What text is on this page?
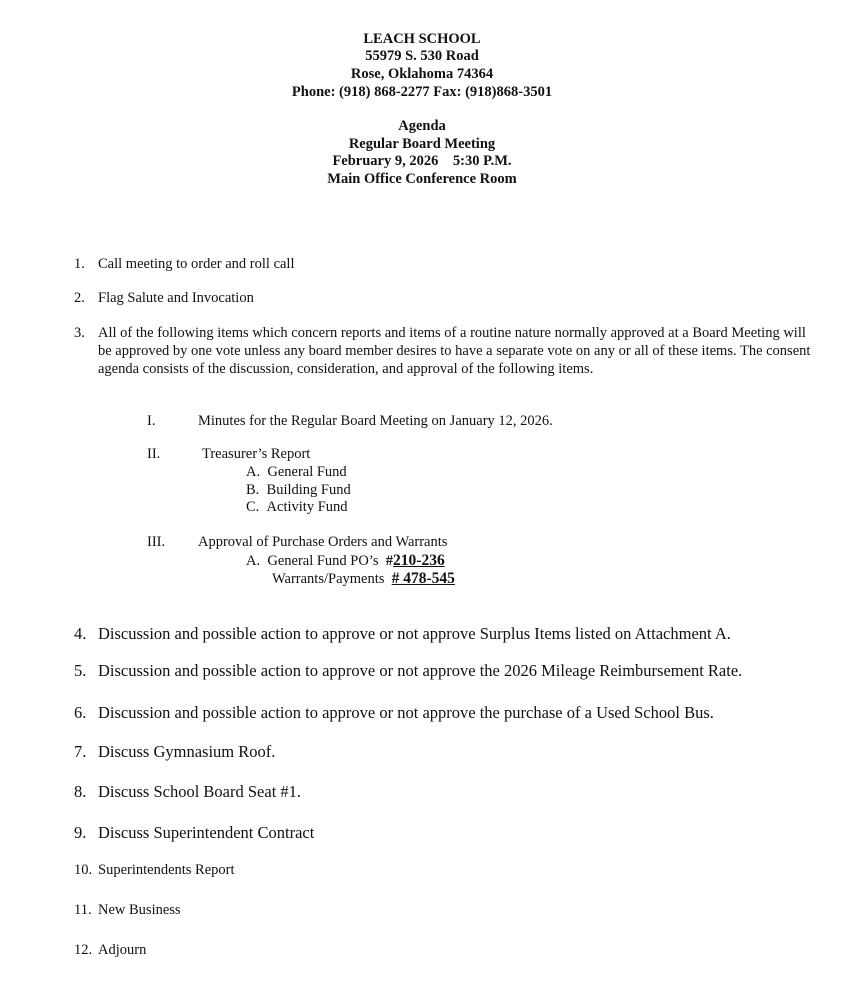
LEACH SCHOOL
55979 S. 530 Road
Rose, Oklahoma 74364
Phone: (918) 868-2277 Fax: (918)868-3501
Agenda
Regular Board Meeting
February 9, 2026    5:30 P.M.
Main Office Conference Room
1. Call meeting to order and roll call
2. Flag Salute and Invocation
3. All of the following items which concern reports and items of a routine nature normally approved at a Board Meeting will be approved by one vote unless any board member desires to have a separate vote on any or all of these items. The consent agenda consists of the discussion, consideration, and approval of the following items.
I.	Minutes for the Regular Board Meeting on January 12, 2026.
II.	Treasurer’s Report
A. General Fund
B. Building Fund
C. Activity Fund
III. Approval of Purchase Orders and Warrants
A. General Fund PO’s #210-236
Warrants/Payments # 478-545
4. Discussion and possible action to approve or not approve Surplus Items listed on Attachment A.
5. Discussion and possible action to approve or not approve the 2026 Mileage Reimbursement Rate.
6. Discussion and possible action to approve or not approve the purchase of a Used School Bus.
7. Discuss Gymnasium Roof.
8. Discuss School Board Seat #1.
9. Discuss Superintendent Contract
10. Superintendents Report
11. New Business
12. Adjourn
